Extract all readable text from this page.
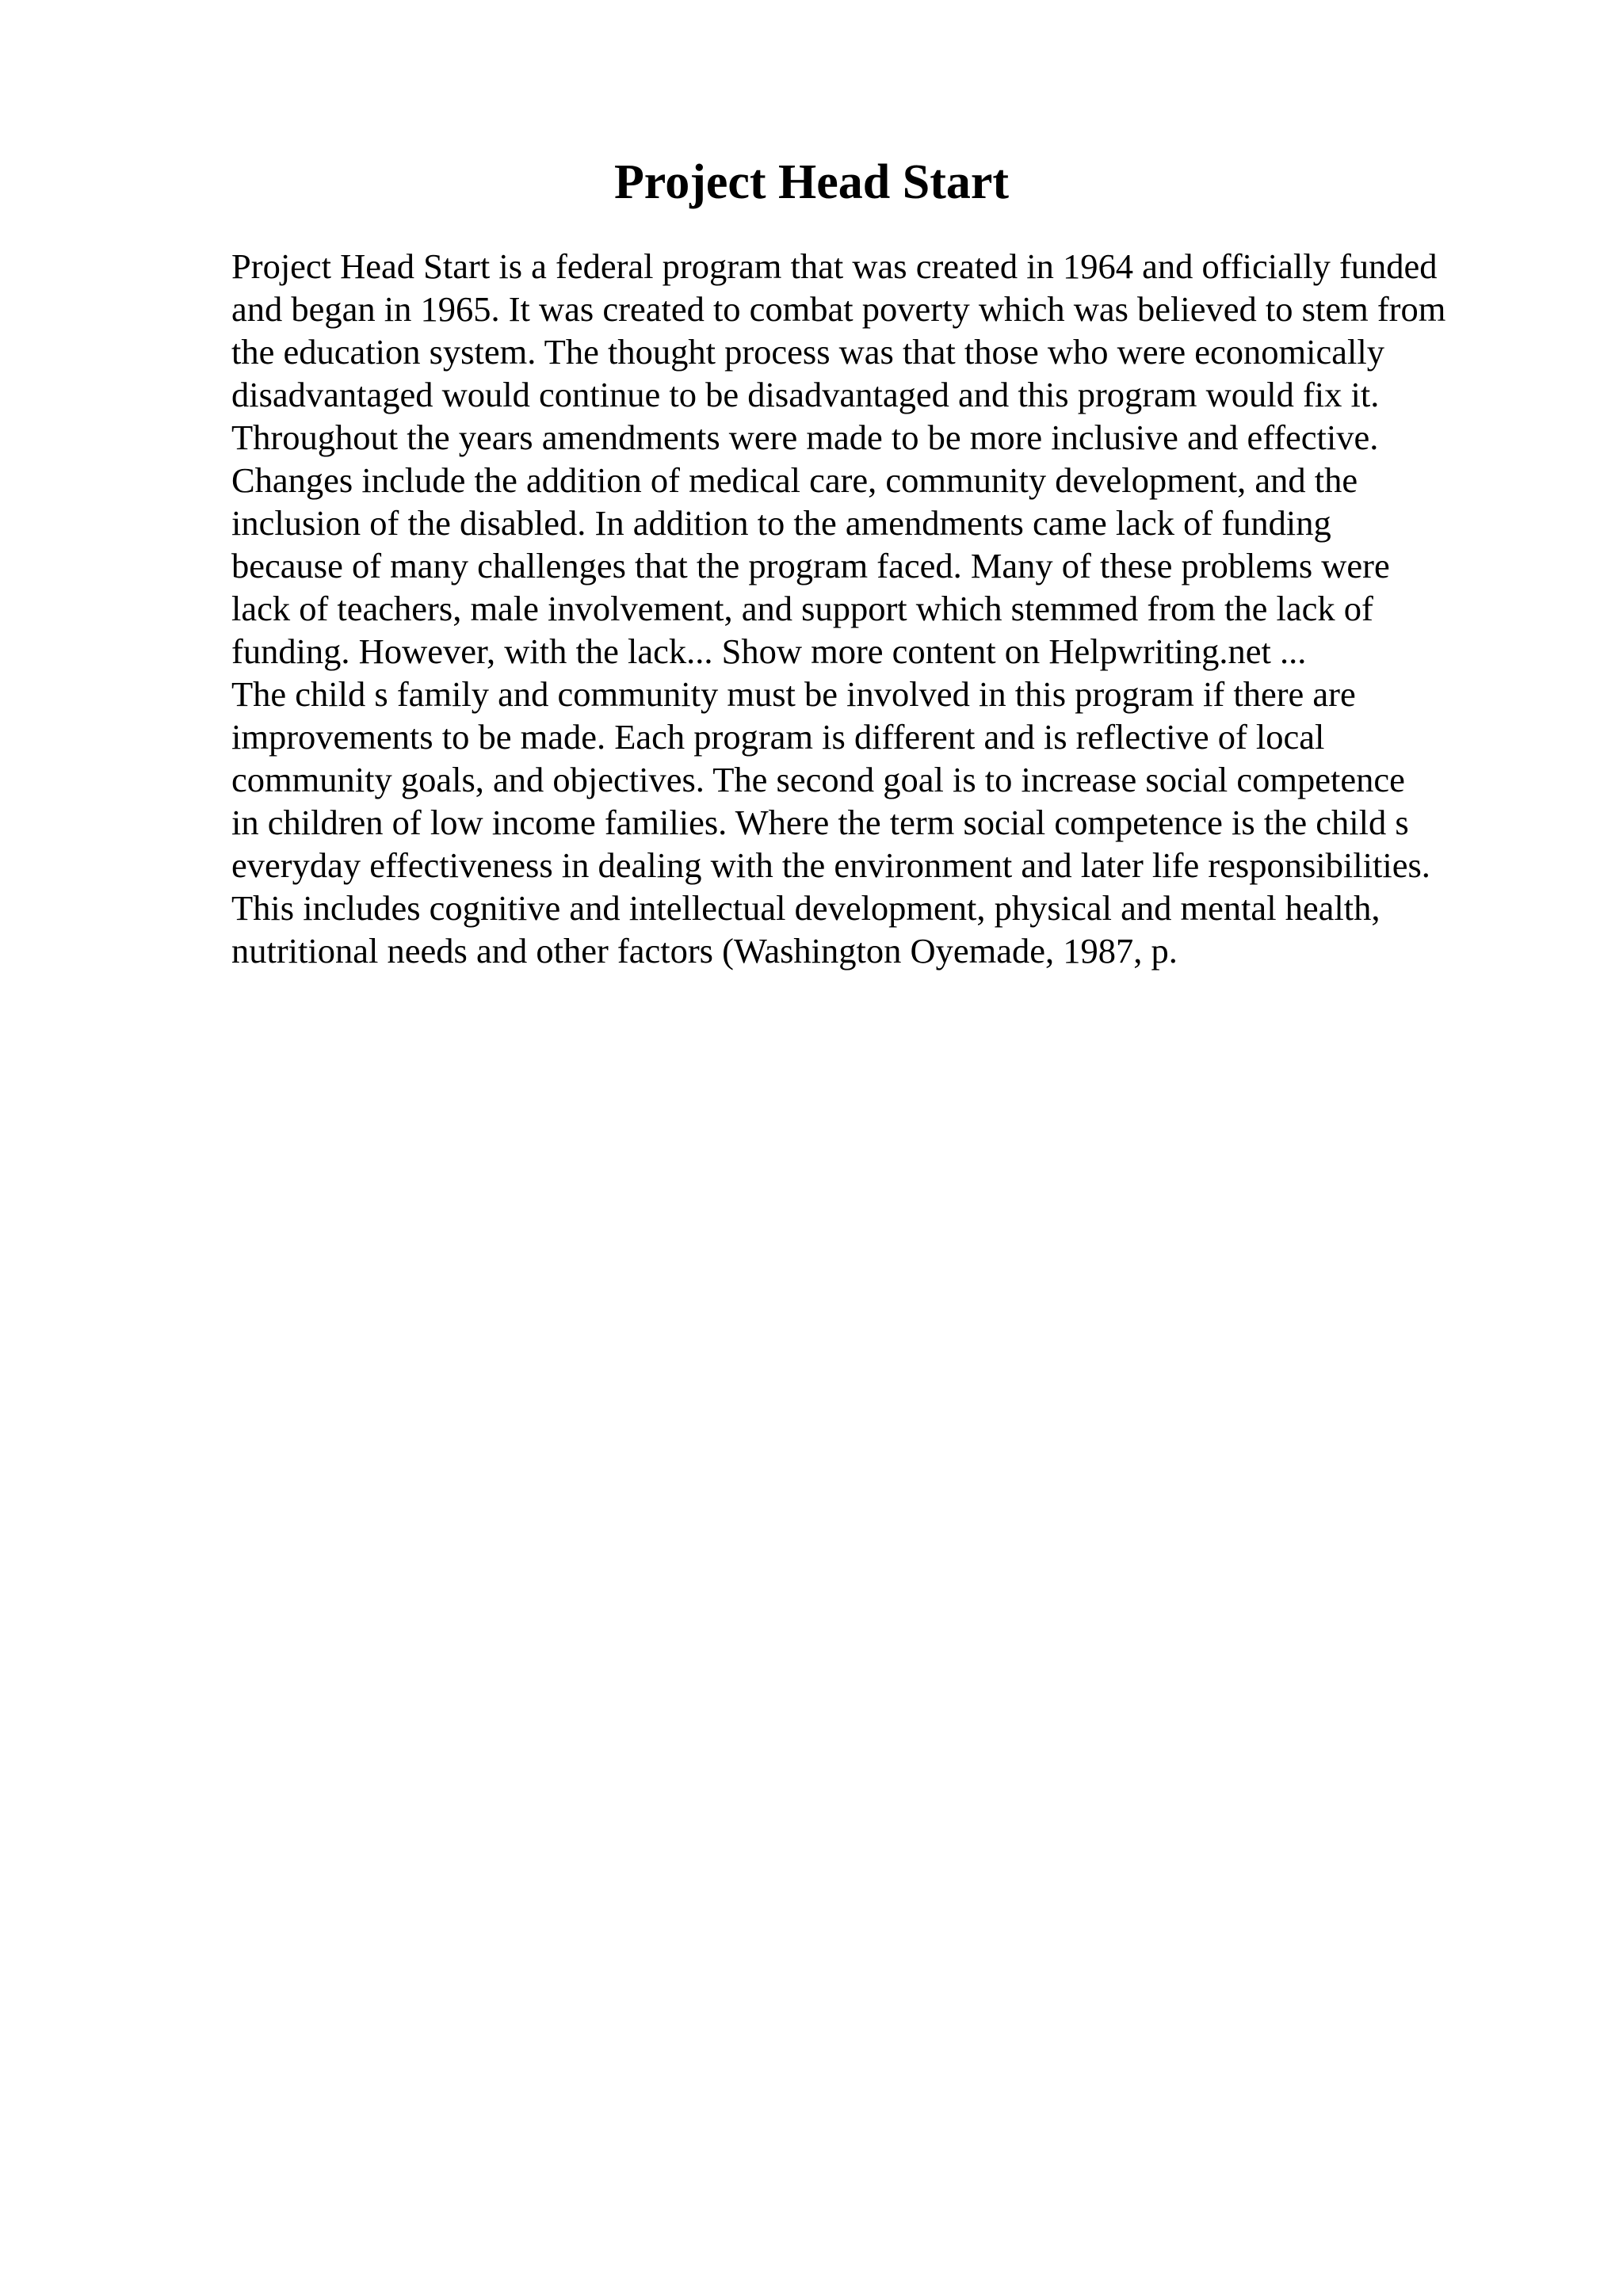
Project Head Start
Project Head Start is a federal program that was created in 1964 and officially funded
and began in 1965. It was created to combat poverty which was believed to stem from
the education system. The thought process was that those who were economically
disadvantaged would continue to be disadvantaged and this program would fix it.
Throughout the years amendments were made to be more inclusive and effective.
Changes include the addition of medical care, community development, and the
inclusion of the disabled. In addition to the amendments came lack of funding
because of many challenges that the program faced. Many of these problems were
lack of teachers, male involvement, and support which stemmed from the lack of
funding. However, with the lack... Show more content on Helpwriting.net ...
The child s family and community must be involved in this program if there are
improvements to be made. Each program is different and is reflective of local
community goals, and objectives. The second goal is to increase social competence
in children of low income families. Where the term social competence is the child s
everyday effectiveness in dealing with the environment and later life responsibilities.
This includes cognitive and intellectual development, physical and mental health,
nutritional needs and other factors (Washington Oyemade, 1987, p.
